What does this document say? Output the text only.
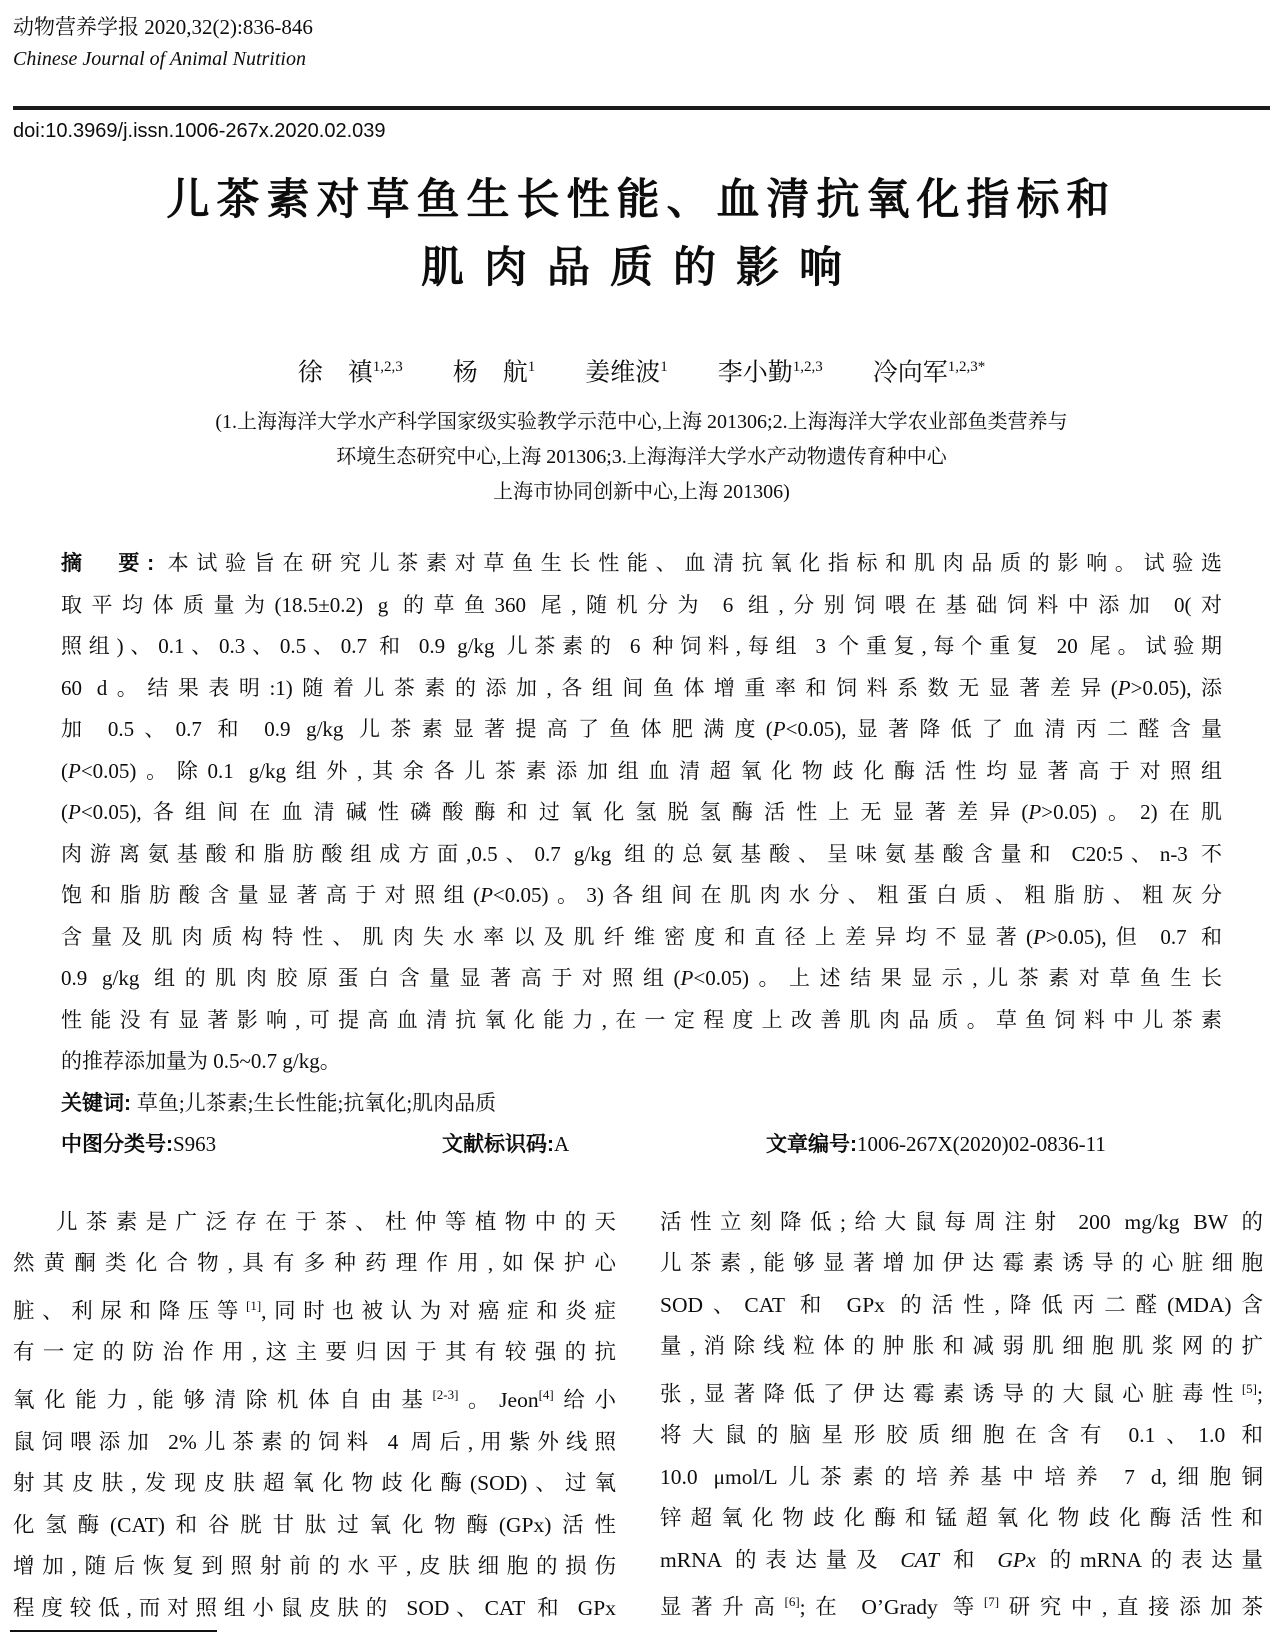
动物营养学报 2020,32(2):836-846
Chinese Journal of Animal Nutrition
doi:10.3969/j.issn.1006-267x.2020.02.039
儿茶素对草鱼生长性能、血清抗氧化指标和
肌肉品质的影响
徐　禛$^{1,2,3}$　　杨　航$^1$　　姜维波$^1$　　李小勤$^{1,2,3}$　　冷向军$^{1,2,3*}$
(1.上海海洋大学水产科学国家级实验教学示范中心,上海 201306;2.上海海洋大学农业部鱼类营养与
环境生态研究中心,上海 201306;3.上海海洋大学水产动物遗传育种中心
上海市协同创新中心,上海 201306)
摘　要: 本试验旨在研究儿茶素对草鱼生长性能、血清抗氧化指标和肌肉品质的影响。试验选
取平均体质量为(18.5±0.2) g 的草鱼360 尾,随机分为 6 组,分别饲喂在基础饲料中添加 0(对
照组)、0.1、0.3、0.5、0.7 和 0.9 g/kg 儿茶素的 6 种饲料,每组 3 个重复,每个重复 20 尾。试验期
60 d。结果表明:1)随着儿茶素的添加,各组间鱼体增重率和饲料系数无显著差异(P>0.05),添
加 0.5、0.7 和 0.9 g/kg 儿茶素显著提高了鱼体肥满度(P<0.05),显著降低了血清丙二醛含量
(P<0.05)。除0.1 g/kg组外,其余各儿茶素添加组血清超氧化物歧化酶活性均显著高于对照组
(P<0.05),各组间在血清碱性磷酸酶和过氧化氢脱氢酶活性上无显著差异(P>0.05)。2)在肌
肉游离氨基酸和脂肪酸组成方面,0.5、0.7 g/kg 组的总氨基酸、呈味氨基酸含量和 C20:5、n-3 不
饱和脂肪酸含量显著高于对照组(P<0.05)。3)各组间在肌肉水分、粗蛋白质、粗脂肪、粗灰分
含量及肌肉质构特性、肌肉失水率以及肌纤维密度和直径上差异均不显著(P>0.05),但 0.7 和
0.9 g/kg 组的肌肉胶原蛋白含量显著高于对照组(P<0.05)。上述结果显示,儿茶素对草鱼生长
性能没有显著影响,可提高血清抗氧化能力,在一定程度上改善肌肉品质。草鱼饲料中儿茶素
的推荐添加量为 0.5~0.7 g/kg。
关键词: 草鱼;儿茶素;生长性能;抗氧化;肌肉品质
中图分类号:S963	文献标识码:A	文章编号:1006-267X(2020)02-0836-11
儿茶素是广泛存在于茶、杜仲等植物中的天
然黄酮类化合物,具有多种药理作用,如保护心
脏、利尿和降压等[1],同时也被认为对癌症和炎症
有一定的防治作用,这主要归因于其有较强的抗
氧化能力,能够清除机体自由基[2-3]。Jeon[4]给小
鼠饲喂添加 2%儿茶素的饲料 4 周后,用紫外线照
射其皮肤,发现皮肤超氧化物歧化酶(SOD)、过氧
化氢酶(CAT)和谷胱甘肽过氧化物酶(GPx)活性
增加,随后恢复到照射前的水平,皮肤细胞的损伤
程度较低,而对照组小鼠皮肤的 SOD、CAT 和 GPx
活性立刻降低;给大鼠每周注射 200 mg/kg BW 的
儿茶素,能够显著增加伊达霉素诱导的心脏细胞
SOD、CAT 和 GPx 的活性,降低丙二醛(MDA)含
量,消除线粒体的肿胀和减弱肌细胞肌浆网的扩
张,显著降低了伊达霉素诱导的大鼠心脏毒性[5];
将大鼠的脑星形胶质细胞在含有 0.1、1.0 和
10.0 μmol/L儿茶素的培养基中培养 7 d,细胞铜
锌超氧化物歧化酶和锰超氧化物歧化酶活性和
mRNA 的表达量及 CAT 和 GPx 的mRNA的表达量
显著升高[6];在 O’Grady 等[7]研究中,直接添加茶
